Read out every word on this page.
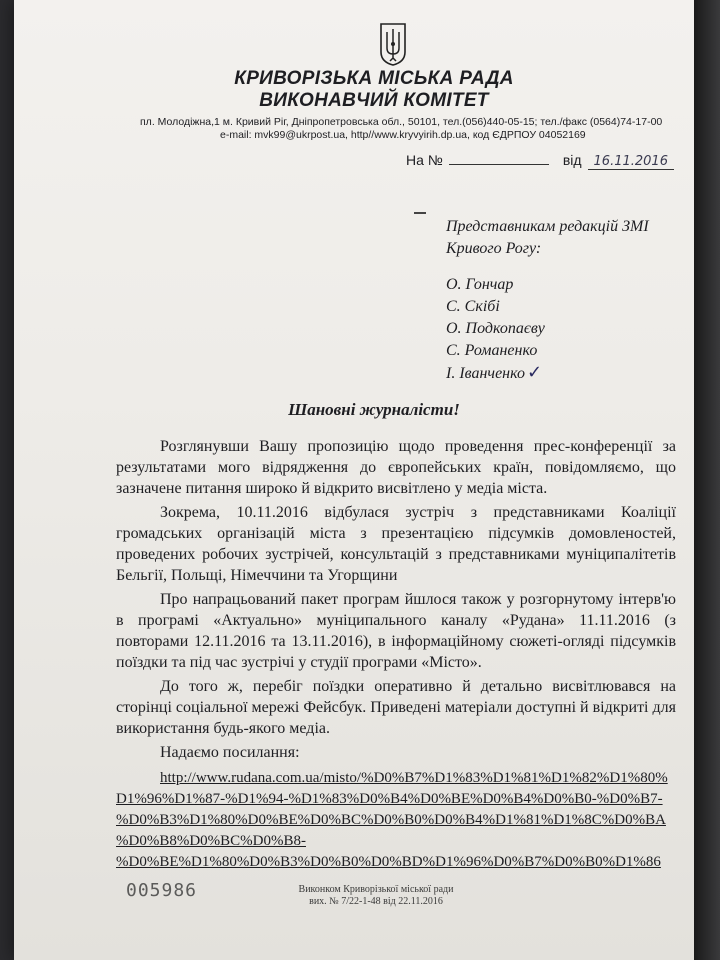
КРИВОРІЗЬКА МІСЬКА РАДА
ВИКОНАВЧИЙ КОМІТЕТ
пл. Молодіжна,1 м. Кривий Ріг, Дніпропетровська обл., 50101, тел.(056)440-05-15; тел./факс (0564)74-17-00
e-mail: mvk99@ukrpost.ua, http//www.kryvyirih.dp.ua, код ЄДРПОУ 04052169
На №	від 16.11.2016
Представникам редакцій ЗМІ Кривого Рогу:
О. Гончар
С. Скібі
О. Подкопаєву
С. Романенко
І. Іванченко ✓
Шановні журналісти!

Розглянувши Вашу пропозицію щодо проведення прес-конференції за результатами мого відрядження до європейських країн, повідомляємо, що зазначене питання широко й відкрито висвітлено у медіа міста.

Зокрема, 10.11.2016 відбулася зустріч з представниками Коаліції громадських організацій міста з презентацією підсумків домовленостей, проведених робочих зустрічей, консультацій з представниками муніципалітетів Бельгії, Польщі, Німеччини та Угорщини

Про напрацьований пакет програм йшлося також у розгорнутому інтерв'ю в програмі «Актуально» муніципального каналу «Рудана» 11.11.2016 (з повторами 12.11.2016 та 13.11.2016), в інформаційному сюжеті-огляді підсумків поїздки та під час зустрічі у студії програми «Місто».

До того ж, перебіг поїздки оперативно й детально висвітлювався на сторінці соціальної мережі Фейсбук. Приведені матеріали доступні й відкриті для використання будь-якого медіа.

Надаємо посилання:

http://www.rudana.com.ua/misto/%D0%B7%D1%83%D1%81%D1%82%D1%80%
D1%96%D1%87-%D1%94-%D1%83%D0%B4%D0%BE%D0%B4%D0%B0-%D0%B7-
%D0%B3%D1%80%D0%BE%D0%BC%D0%B0%D0%B4%D1%81%D1%8C%D0%BA
%D0%B8%D0%BC%D0%B8-
%D0%BE%D1%80%D0%B3%D0%B0%D0%BD%D1%96%D0%B7%D0%B0%D1%86
005986	Виконком Криворізької міської ради
вих. № 7/22-1-48 від 22.11.2016
